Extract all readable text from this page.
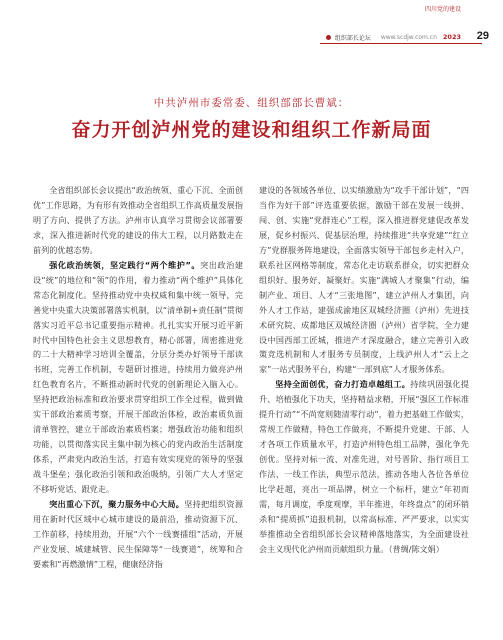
四川党的建设
组织部长论坛 www.scdjw.com.cn 2023 29
中共泸州市委常委、组织部部长曹斌：
奋力开创泸州党的建设和组织工作新局面

全省组织部长会议提出“政治统领、重心下沉、全面创优”工作思路，为有形有效推动全省组织工作高质量发展指明了方向、提供了方法。泸州市认真学习贯彻会议部署要求，深入推进新时代党的建设的伟大工程，以月路数走在前列的优越态势。

强化政治统领，坚定践行“两个维护”。突出政治建设“统”的地位和“领”的作用，着力推动“两个维护”具体化常态化制度化。坚持推动党中央权威和集中统一领导，完善党中央重大决策部署落实机制，以“清单制+责任制”贯彻落实习近平总书记重要指示精神。扎扎实实开展习近平新时代中国特色社会主义思想教育，精心部署，周密推进党的二十大精神学习培训全覆盖，分层分类办好领导干部读书班，完善工作机制，专题研讨推进，持续用力做亮泸州红色教育名片，不断推动新时代党的创新理论入脑入心。坚持把政治标准和政治要求贯穿组织工作全过程，做到做实干部政治素质考察，开展干部政治体检，政治素质负面清单管控，建立干部政治素质档案；增强政治功能和组织功能，以贯彻落实民主集中制为核心的党内政治生活制度体系，严肃党内政治生活，打造有效实现党的领导的坚强战斗堡垒；强化政治引领和政治吸纳，引领广大人才坚定不移听党话、跟党走。

突出重心下沉，聚力服务中心大局。坚持把组织资源用在新时代区域中心城市建设的最前沿，推动资源下沉、工作前移，持续用劲，开展“六个一线赛擂组”活动，开展产业发展、城建城管、民生保障等“一线赛道”，统筹和合要素和“再燃激情”工程，健康经济指

建设的各领域各单位、以实绩激励为“攻手干部计划”，“四当作为好干部”评选重要依据，激励干部在发展一线拼、闯、创、实施“党群连心”工程，深入推进群党建促改革发展，促乡村振兴、促基层治理，持续推进“共享党建”“红立方”党群服务阵地建设，全面落实领导干部包乡走村入户，联系社区网格等制度，常态化走访联系群众，切实把群众组织好、服务好、凝聚好。实施“满城人才聚集”行动，编制产业、项目、人才“三张地图”，建立泸州人才集团，向外人才工作站，建强成渝地区双城经济圈（泸州）先进技术研究院、成都地区双城经济圈（泸州）省学院，全力建设中国西部工匠城，推进产才深度融合，建立完善引入政策竞选机制和人才服务专员制度，上线泸州人才“云上之家”一站式服务平台，构建“一部到底”人才服务体系。

坚持全面创优，奋力打造卓越组工。持续巩固强化提升、培植强化下功夫，坚持精益求精，开展“强区工作标准提升行动”“不尚宽则随清零行动”，着力把基础工作做实，常规工作做精，特色工作做亮，不断提升党建、干部、人才各项工作质量水平，打造泸州特色组工品牌，强化争先创优。坚持对标一流、对准先进，对号晋阶、指行项目工作法，一线工作法，典型示范法，推动各地人各位各单位比学赶超，亮出一项品牌，树立一个标杆，建立“年初而需，每月调度，季度观摩，半年推进，年终盘点”的闭环销杀和“提质抓”追报机制，以常高标准、严严要求，以实实举推推动全省组织部长会议精神落地落实，为全面建设社会主义现代化泸州而贡献组织力量。（普绸/陈文娟）
